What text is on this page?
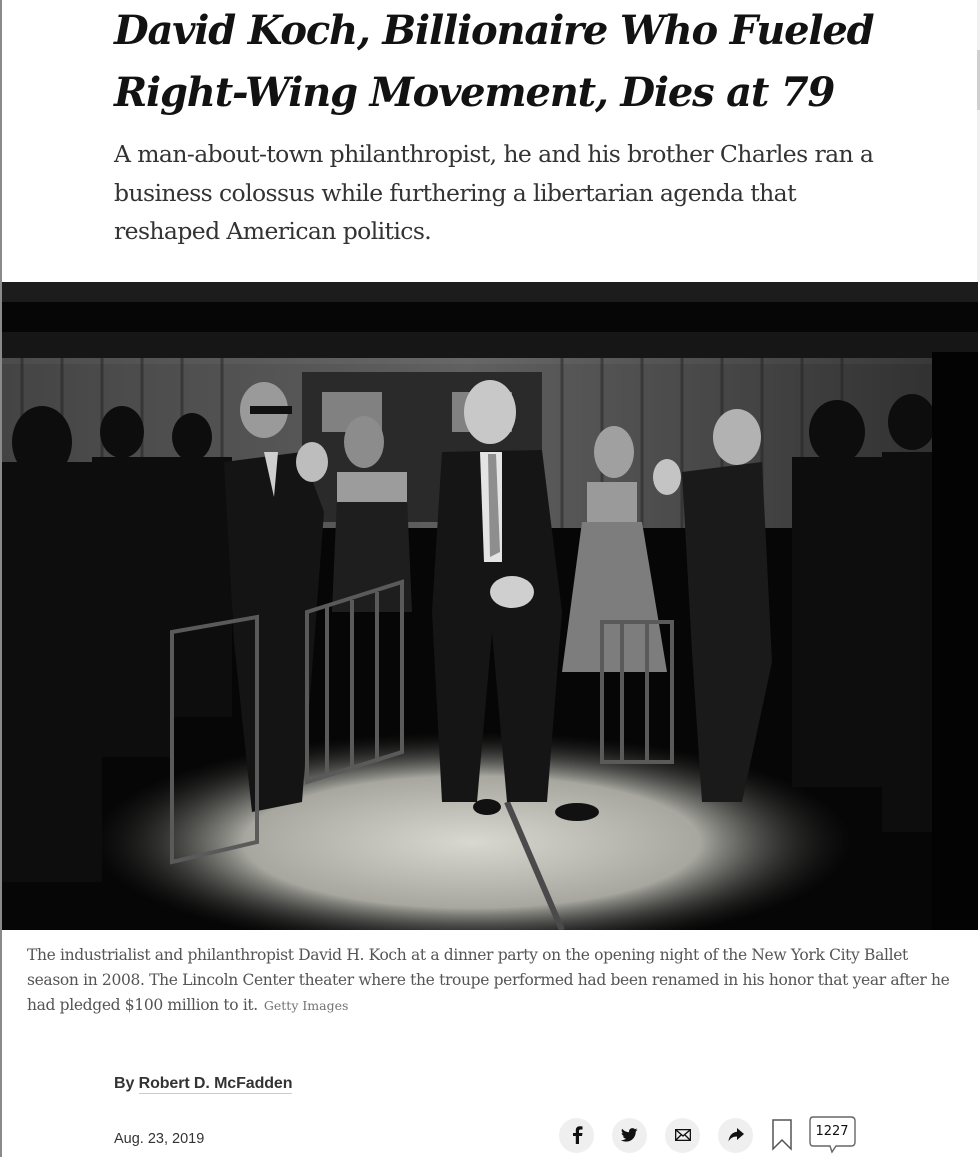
David Koch, Billionaire Who Fueled Right-Wing Movement, Dies at 79

A man-about-town philanthropist, he and his brother Charles ran a business colossus while furthering a libertarian agenda that reshaped American politics.

The industrialist and philanthropist David H. Koch at a dinner party on the opening night of the New York City Ballet season in 2008. The Lincoln Center theater where the troupe performed had been renamed in his honor that year after he had pledged $100 million to it. Getty Images

By Robert D. McFadden
Aug. 23, 2019	1227
